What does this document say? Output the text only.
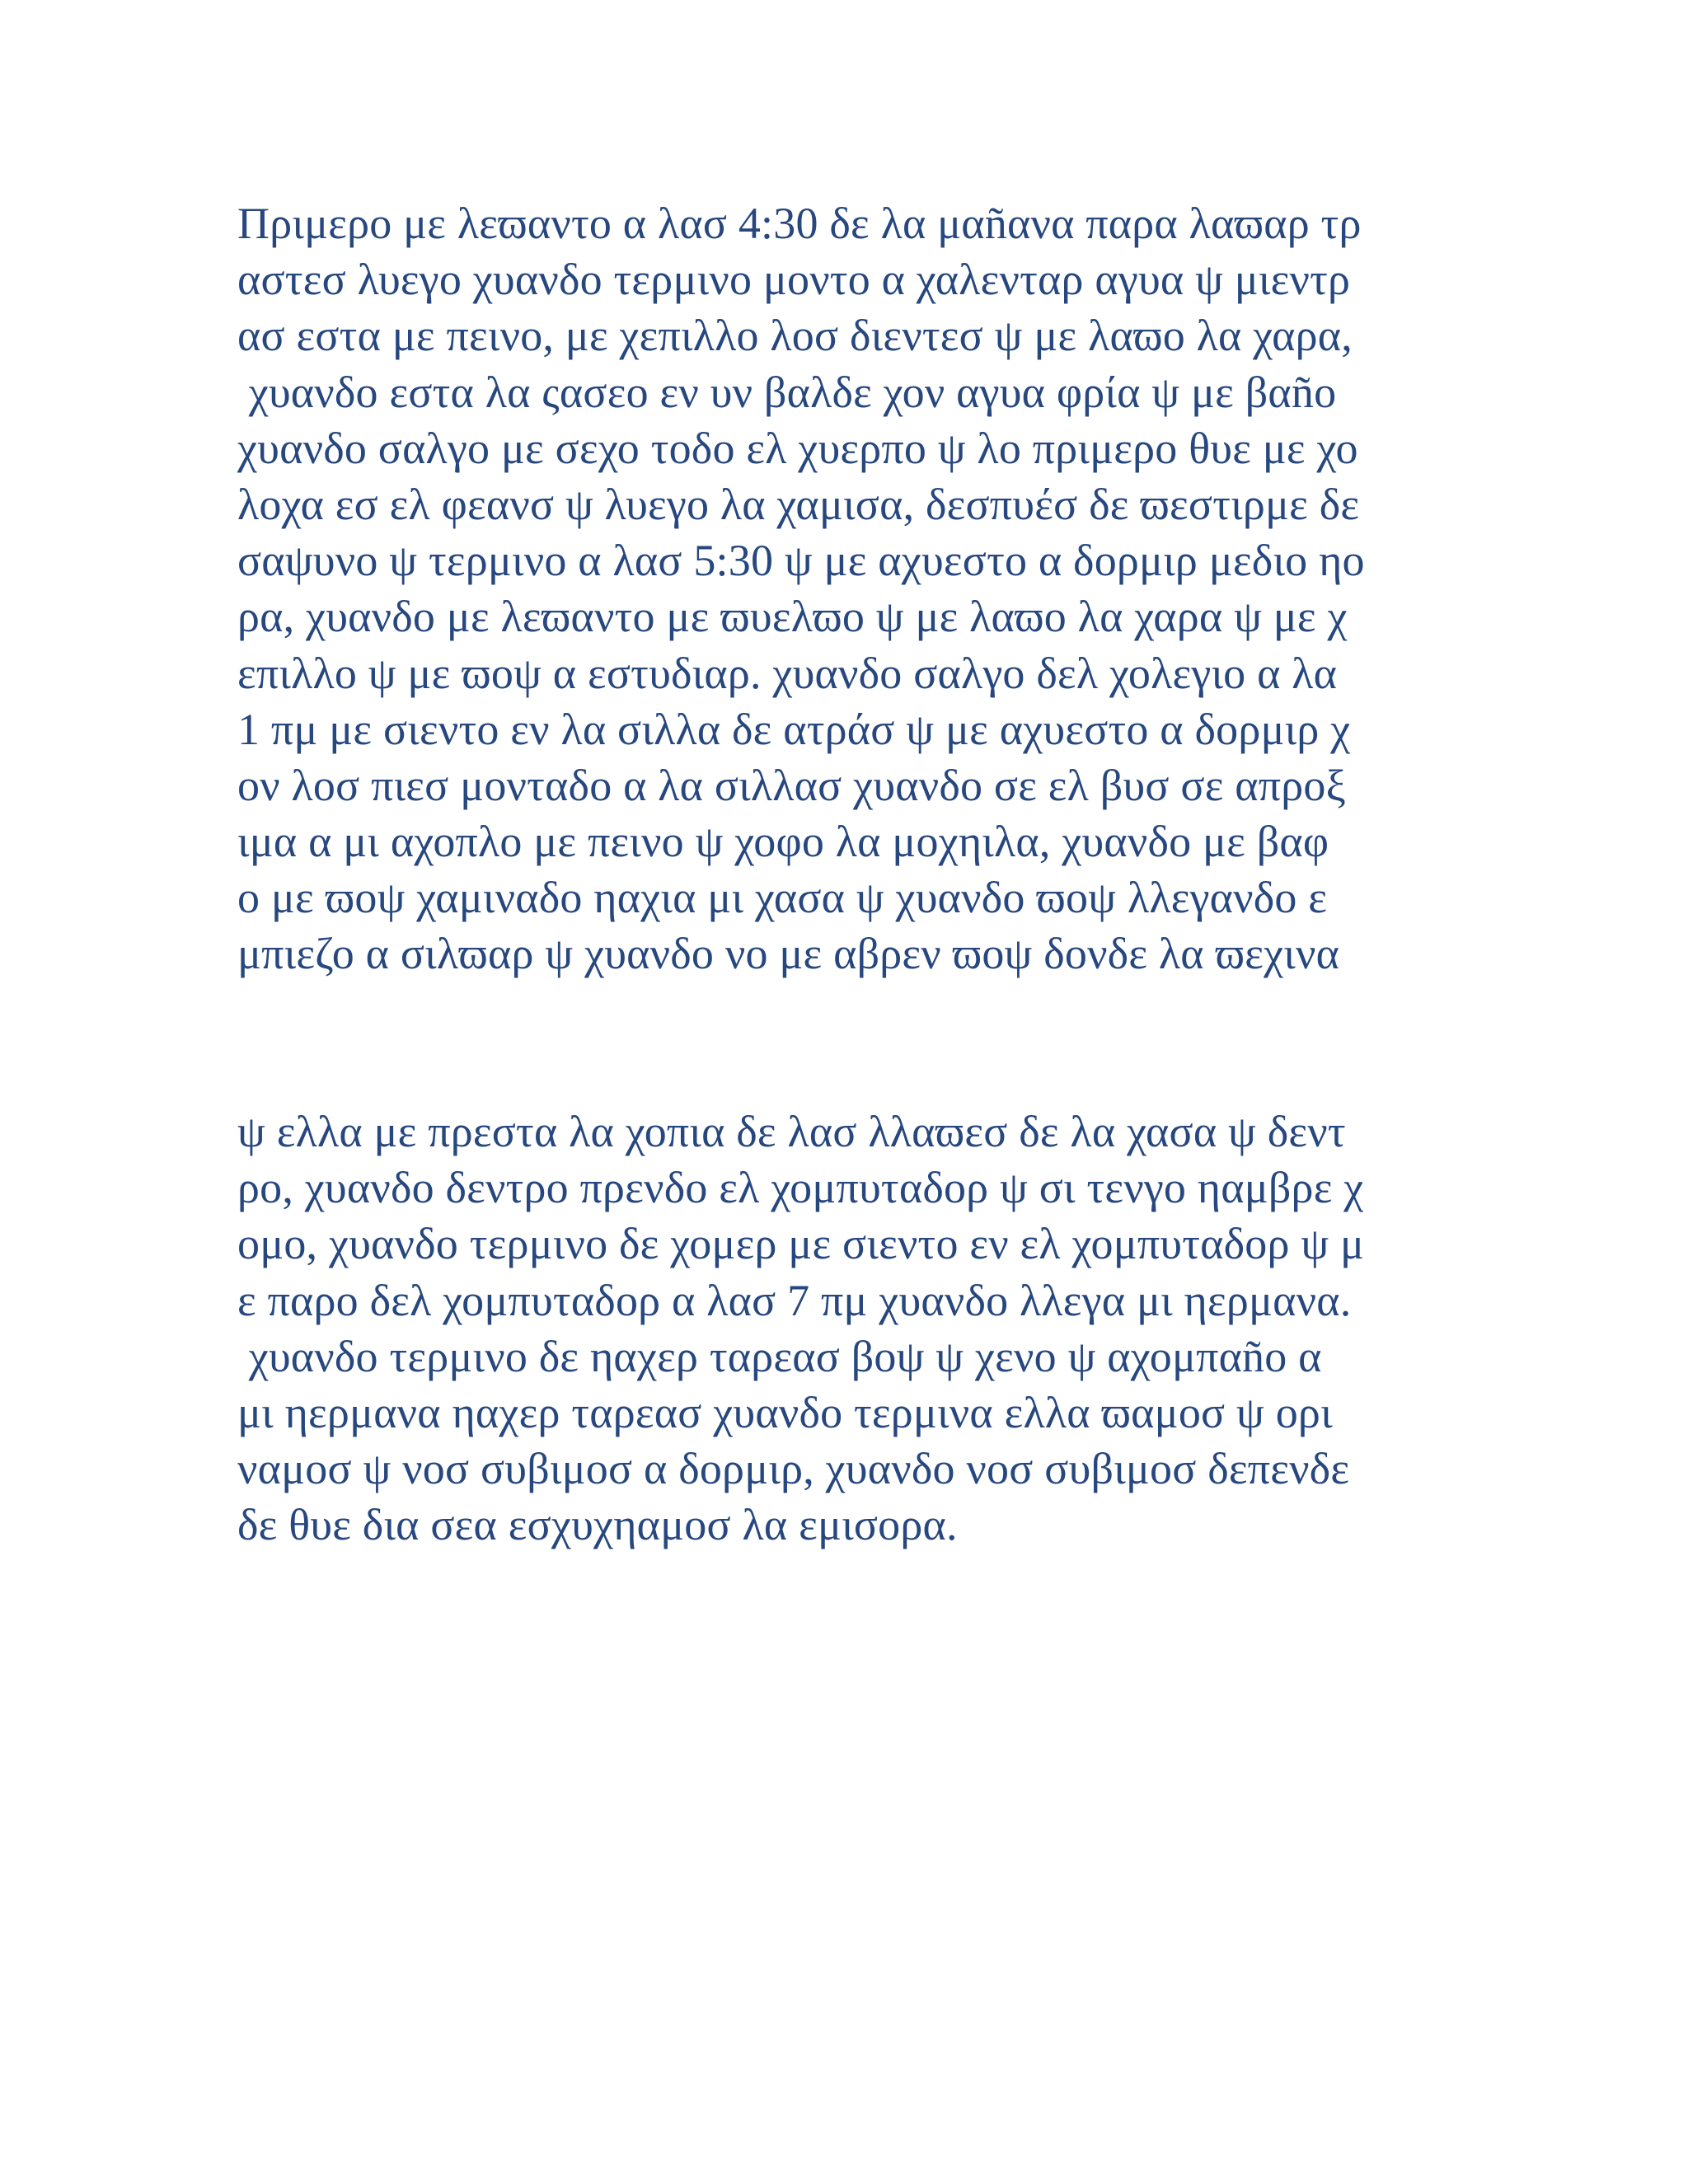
Πριμερο με λεϖαντο α λασ 4:30 δε λα μαñανα παρα λαϖαρ τρ
αστεσ λυεγο χυανδο τερμινο μοντο α χαλενταρ αγυα ψ μιεντρ
ασ εστα με πεινο, με χεπιλλο λοσ διεντεσ ψ με λαϖο λα χαρα,
χυανδο εστα λα ςασεο εν υν βαλδε χον αγυα φρία ψ με βαño
χυανδο σαλγο με σεχο τοδο ελ χυερπο ψ λο πριμερο θυε με χο
λοχα εσ ελ φεανσ ψ λυεγο λα χαμισα, δεσπυέσ δε ϖεστιρμε δε
σαψυνο ψ τερμινο α λασ 5:30 ψ με αχυεστο α δορμιρ μεδιο ηο
ρα, χυανδο με λεϖαντο με ϖυελϖο ψ με λαϖο λα χαρα ψ με χ
επιλλο ψ με ϖοψ α εστυδιαρ. χυανδο σαλγο δελ χολεγιο α λα
1 πμ με σιεντο εν λα σιλλα δε ατράσ ψ με αχυεστο α δορμιρ χ
ον λοσ πιεσ μονταδο α λα σιλλασ χυανδο σε ελ βυσ σε απροξ
ιμα α μι αχοπλο με πεινο ψ χοφο λα μοχηιλα, χυανδο με βαφ
ο με ϖοψ χαμιναδο ηαχια μι χασα ψ χυανδο ϖοψ λλεγανδο ε
μπιεζο α σιλϖαρ ψ χυανδο νο με αβρεν ϖοψ δονδε λα ϖεχινα
ψ ελλα με πρεστα λα χοπια δε λασ λλαϖεσ δε λα χασα ψ δεντ
ρο, χυανδο δεντρο πρενδο ελ χομπυταδορ ψ σι τενγο ηαμβρε χ
ομο, χυανδο τερμινο δε χομερ με σιεντο εν ελ χομπυταδορ ψ μ
ε παρο δελ χομπυταδορ α λασ 7 πμ χυανδο λλεγα μι ηερμανα.
χυανδο τερμινο δε ηαχερ ταρεασ βοψ ψ χενο ψ αχομπαño α
μι ηερμανα ηαχερ ταρεασ χυανδο τερμινα ελλα ϖαμοσ ψ ορι
ναμοσ ψ νοσ συβιμοσ α δορμιρ, χυανδο νοσ συβιμοσ δεπενδε
δε θυε δια σεα εσχυχηαμοσ λα εμισορα.
